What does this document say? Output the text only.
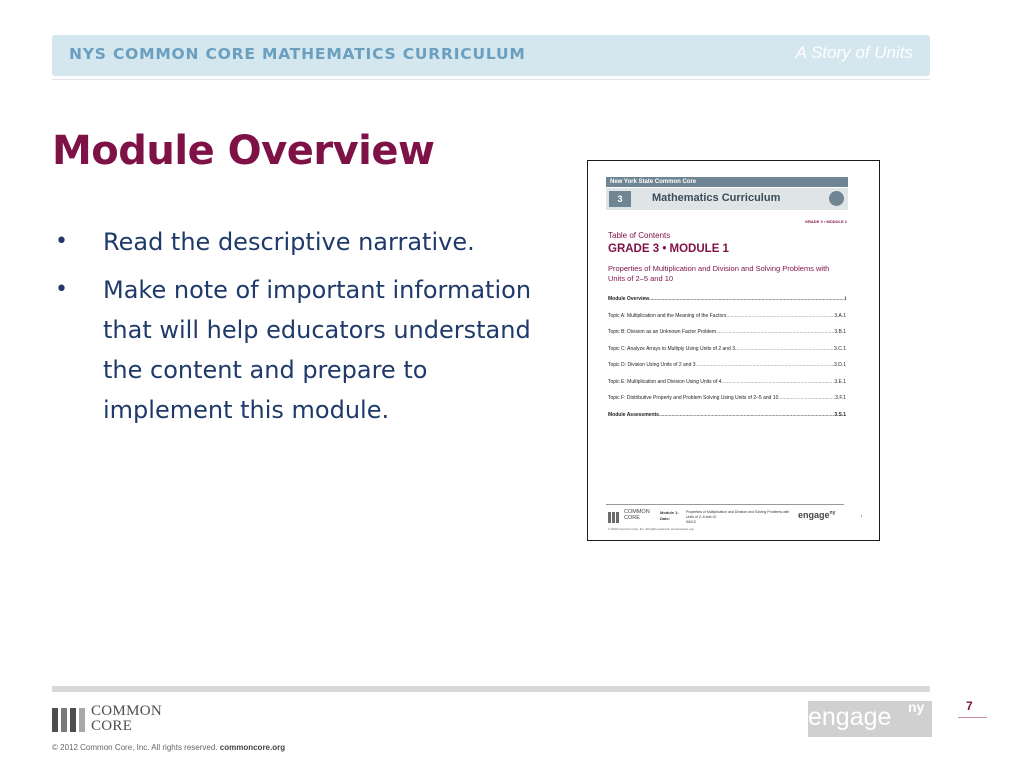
NYS COMMON CORE MATHEMATICS CURRICULUM	A Story of Units
Module Overview
• Read the descriptive narrative.
• Make note of important information that will help educators understand the content and prepare to implement this module.
New York State Common Core
3	Mathematics Curriculum
GRADE 3 • MODULE 1
Table of Contents
GRADE 3 • MODULE 1
Properties of Multiplication and Division and Solving Problems with Units of 2–5 and 10
Module Overview .....	i
Topic A: Multiplication and the Meaning of the Factors .....	3.A.1
Topic B: Division as an Unknown Factor Problem .....	3.B.1
Topic C: Analyze Arrays to Multiply Using Units of 2 and 3 .....	3.C.1
Topic D: Division Using Units of 2 and 3 .....	3.D.1
Topic E: Multiplication and Division Using Units of 4 .....	3.E.1
Topic F: Distributive Property and Problem Solving Using Units of 2–5 and 10 .....	3.F.1
Module Assessments .....	3.S.1
COMMON
CORE
Module 1:
Date:
Properties of Multiplication and Division and Solving Problems with Units of 2–5 and 10
5/6/13
engage$^{ny}$	i
© 2013 Common Core, Inc. All rights reserved. commoncore.org
COMMON
CORE
© 2012 Common Core, Inc. All rights reserved. commoncore.org
engage ny	7
